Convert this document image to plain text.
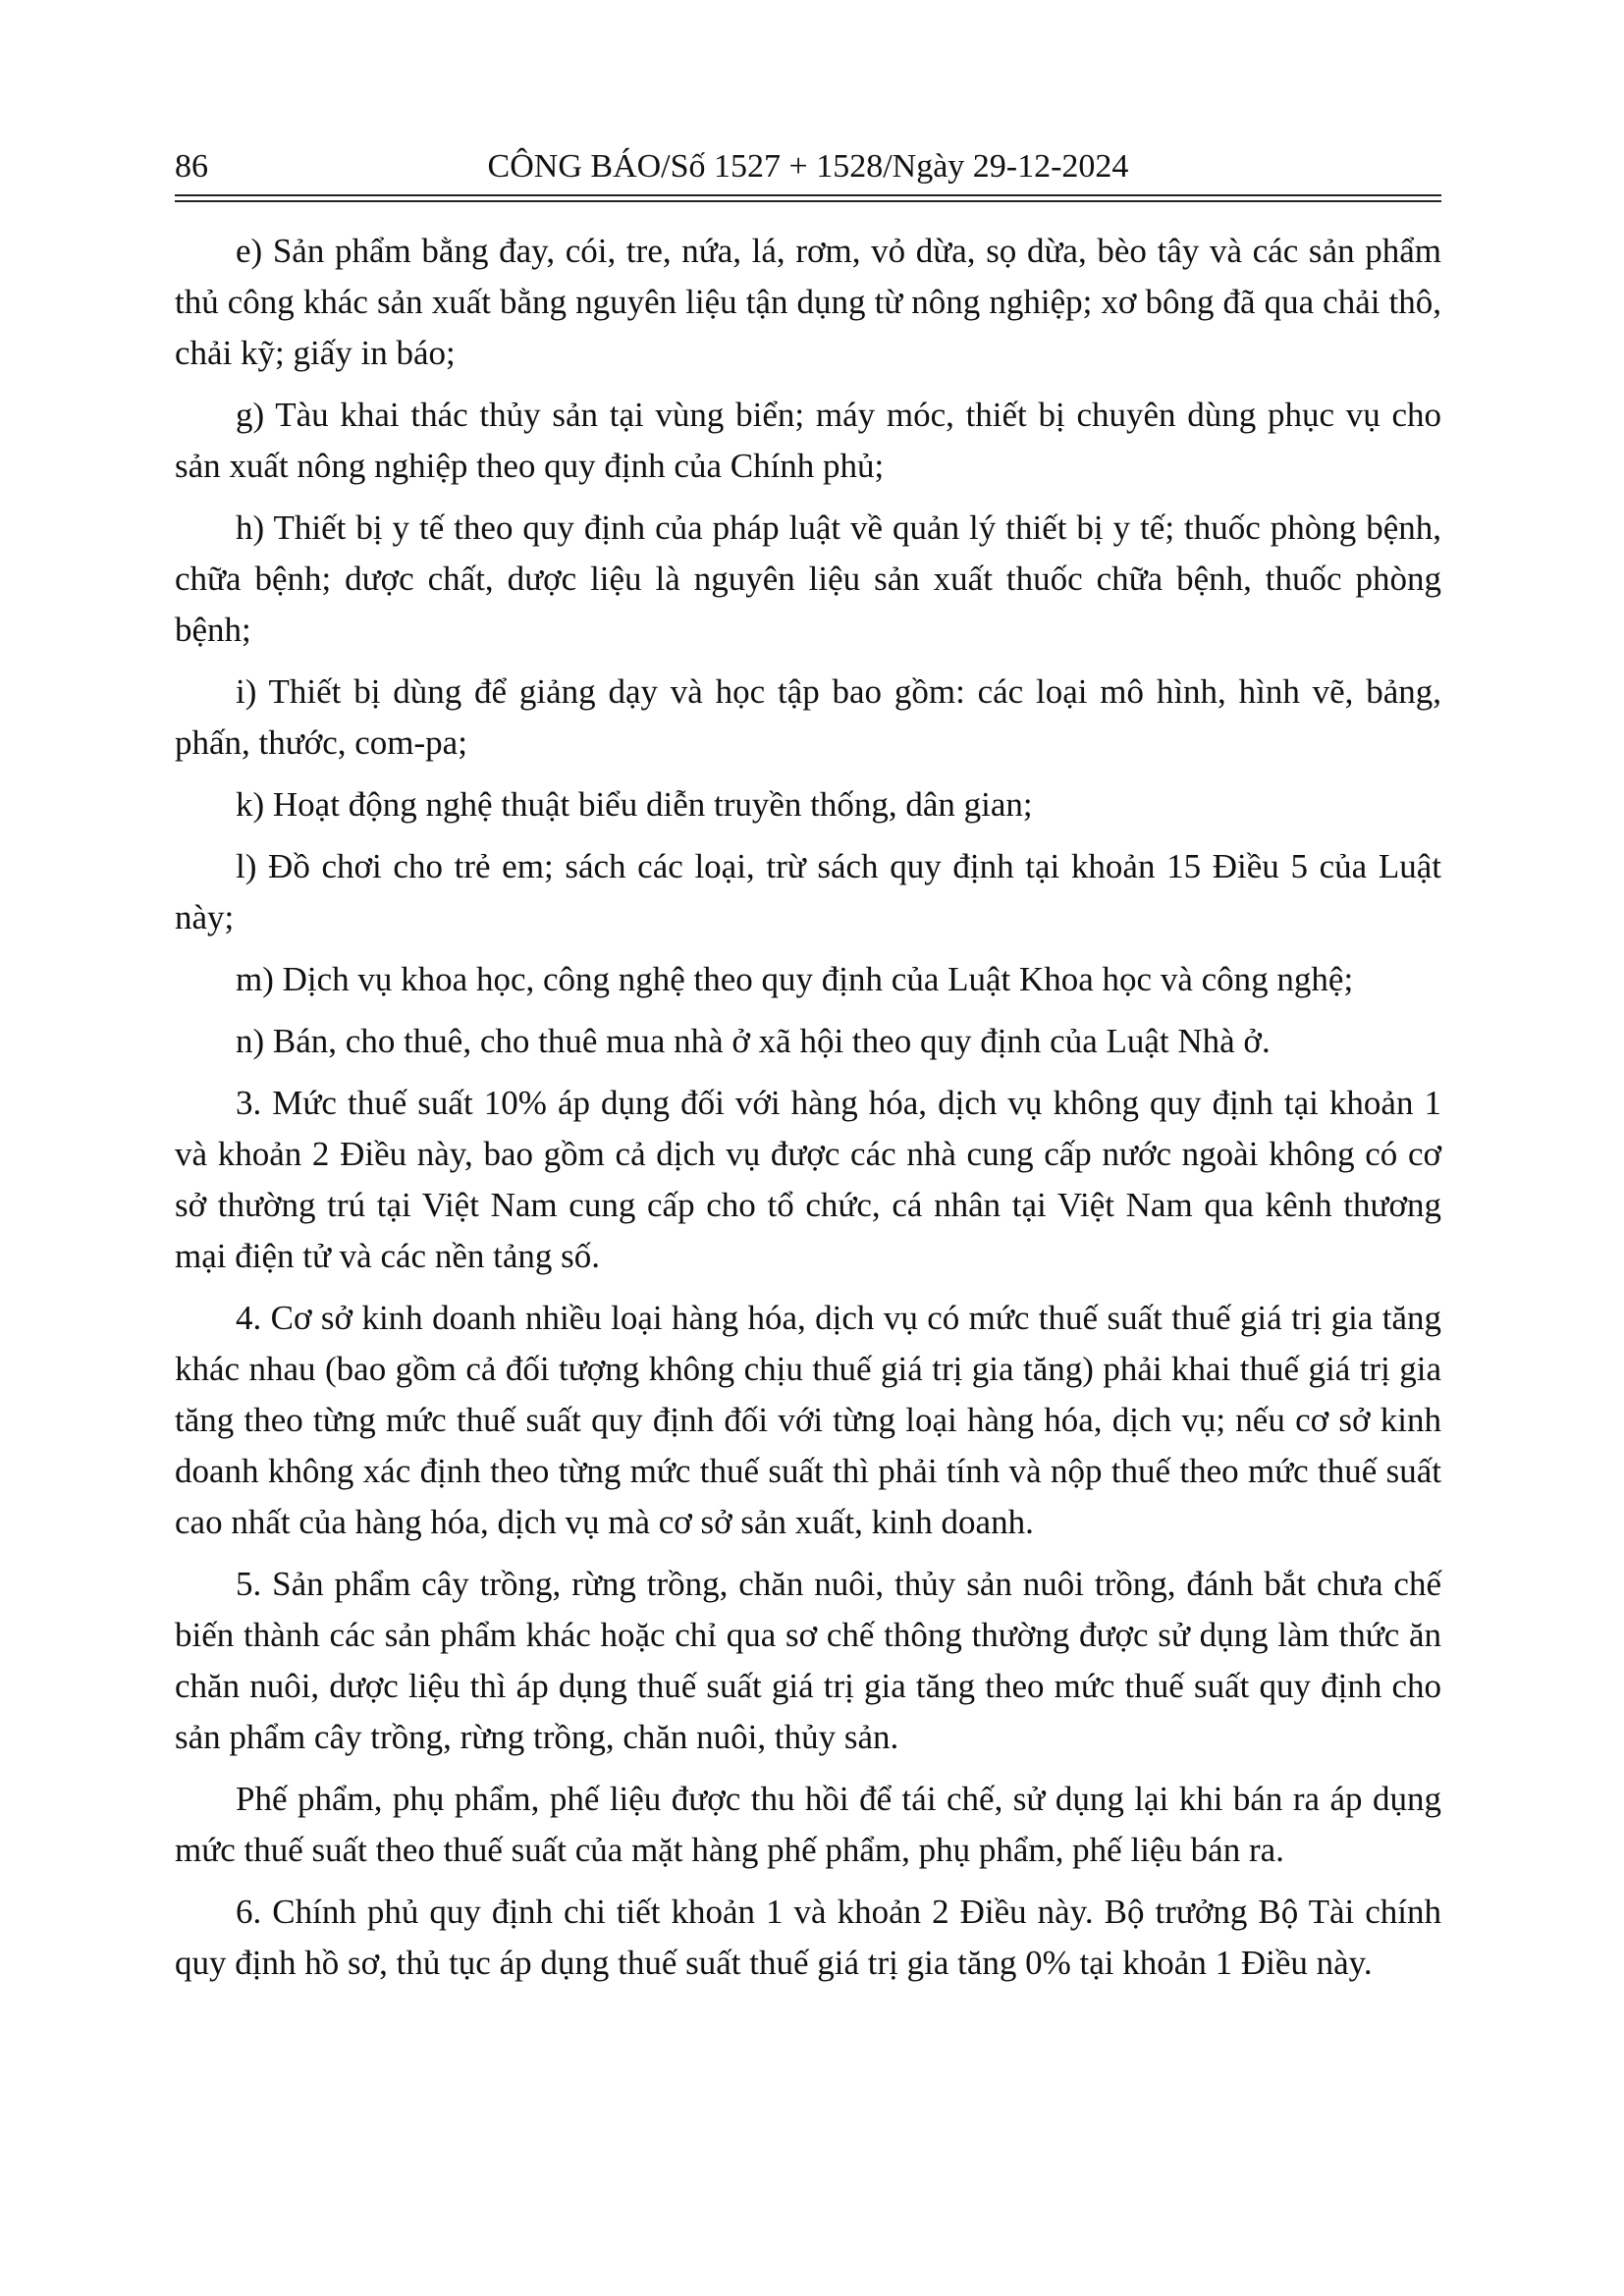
86	CÔNG BÁO/Số 1527 + 1528/Ngày 29-12-2024

e) Sản phẩm bằng đay, cói, tre, nứa, lá, rơm, vỏ dừa, sọ dừa, bèo tây và các sản phẩm thủ công khác sản xuất bằng nguyên liệu tận dụng từ nông nghiệp; xơ bông đã qua chải thô, chải kỹ; giấy in báo;

g) Tàu khai thác thủy sản tại vùng biển; máy móc, thiết bị chuyên dùng phục vụ cho sản xuất nông nghiệp theo quy định của Chính phủ;

h) Thiết bị y tế theo quy định của pháp luật về quản lý thiết bị y tế; thuốc phòng bệnh, chữa bệnh; dược chất, dược liệu là nguyên liệu sản xuất thuốc chữa bệnh, thuốc phòng bệnh;

i) Thiết bị dùng để giảng dạy và học tập bao gồm: các loại mô hình, hình vẽ, bảng, phấn, thước, com-pa;

k) Hoạt động nghệ thuật biểu diễn truyền thống, dân gian;

l) Đồ chơi cho trẻ em; sách các loại, trừ sách quy định tại khoản 15 Điều 5 của Luật này;

m) Dịch vụ khoa học, công nghệ theo quy định của Luật Khoa học và công nghệ;

n) Bán, cho thuê, cho thuê mua nhà ở xã hội theo quy định của Luật Nhà ở.

3. Mức thuế suất 10% áp dụng đối với hàng hóa, dịch vụ không quy định tại khoản 1 và khoản 2 Điều này, bao gồm cả dịch vụ được các nhà cung cấp nước ngoài không có cơ sở thường trú tại Việt Nam cung cấp cho tổ chức, cá nhân tại Việt Nam qua kênh thương mại điện tử và các nền tảng số.

4. Cơ sở kinh doanh nhiều loại hàng hóa, dịch vụ có mức thuế suất thuế giá trị gia tăng khác nhau (bao gồm cả đối tượng không chịu thuế giá trị gia tăng) phải khai thuế giá trị gia tăng theo từng mức thuế suất quy định đối với từng loại hàng hóa, dịch vụ; nếu cơ sở kinh doanh không xác định theo từng mức thuế suất thì phải tính và nộp thuế theo mức thuế suất cao nhất của hàng hóa, dịch vụ mà cơ sở sản xuất, kinh doanh.

5. Sản phẩm cây trồng, rừng trồng, chăn nuôi, thủy sản nuôi trồng, đánh bắt chưa chế biến thành các sản phẩm khác hoặc chỉ qua sơ chế thông thường được sử dụng làm thức ăn chăn nuôi, dược liệu thì áp dụng thuế suất giá trị gia tăng theo mức thuế suất quy định cho sản phẩm cây trồng, rừng trồng, chăn nuôi, thủy sản.

Phế phẩm, phụ phẩm, phế liệu được thu hồi để tái chế, sử dụng lại khi bán ra áp dụng mức thuế suất theo thuế suất của mặt hàng phế phẩm, phụ phẩm, phế liệu bán ra.

6. Chính phủ quy định chi tiết khoản 1 và khoản 2 Điều này. Bộ trưởng Bộ Tài chính quy định hồ sơ, thủ tục áp dụng thuế suất thuế giá trị gia tăng 0% tại khoản 1 Điều này.
